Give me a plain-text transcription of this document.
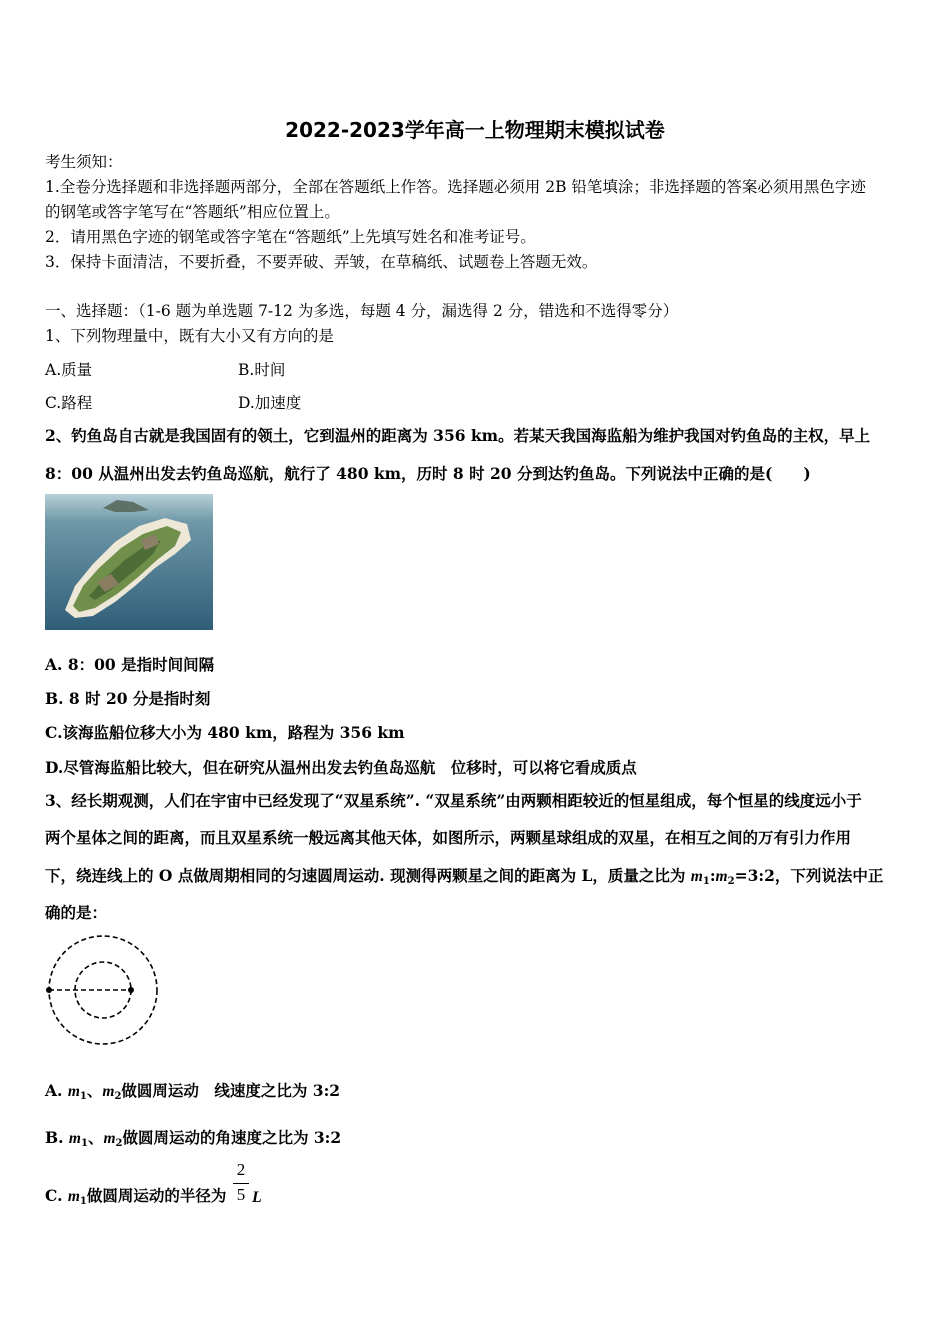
2022-2023学年高一上物理期末模拟试卷
考生须知：
1.全卷分选择题和非选择题两部分，全部在答题纸上作答。选择题必须用 2B 铅笔填涂；非选择题的答案必须用黑色字迹
的钢笔或答字笔写在“答题纸”相应位置上。
2．请用黑色字迹的钢笔或答字笔在“答题纸”上先填写姓名和准考证号。
3．保持卡面清洁，不要折叠，不要弄破、弄皱，在草稿纸、试题卷上答题无效。
一、选择题：（1-6 题为单选题 7-12 为多选，每题 4 分，漏选得 2 分，错选和不选得零分）
1、下列物理量中，既有大小又有方向的是
A.质量	B.时间
C.路程	D.加速度
2、钓鱼岛自古就是我国固有的领土，它到温州的距离为 356 km。若某天我国海监船为维护我国对钓鱼岛的主权，早上
8：00 从温州出发去钓鱼岛巡航，航行了 480 km，历时 8 时 20 分到达钓鱼岛。下列说法中正确的是(　　)
A. 8：00 是指时间间隔
B. 8 时 20 分是指时刻
C.该海监船位移大小为 480 km，路程为 356 km
D.尽管海监船比较大，但在研究从温州出发去钓鱼岛巡航　位移时，可以将它看成质点
3、经长期观测，人们在宇宙中已经发现了“双星系统”. “双星系统”由两颗相距较近的恒星组成，每个恒星的线度远小于
两个星体之间的距离，而且双星系统一般远离其他天体，如图所示，两颗星球组成的双星，在相互之间的万有引力作用
下，绕连线上的 O 点做周期相同的匀速圆周运动. 现测得两颗星之间的距离为 L，质量之比为 $m_1:m_2=3:2$，下列说法中正
确的是：
A. $m_1$、$m_2$做圆周运动　线速度之比为 3:2
B. $m_1$、$m_2$做圆周运动的角速度之比为 3:2
C. $m_1$做圆周运动的半径为
2
5 L
